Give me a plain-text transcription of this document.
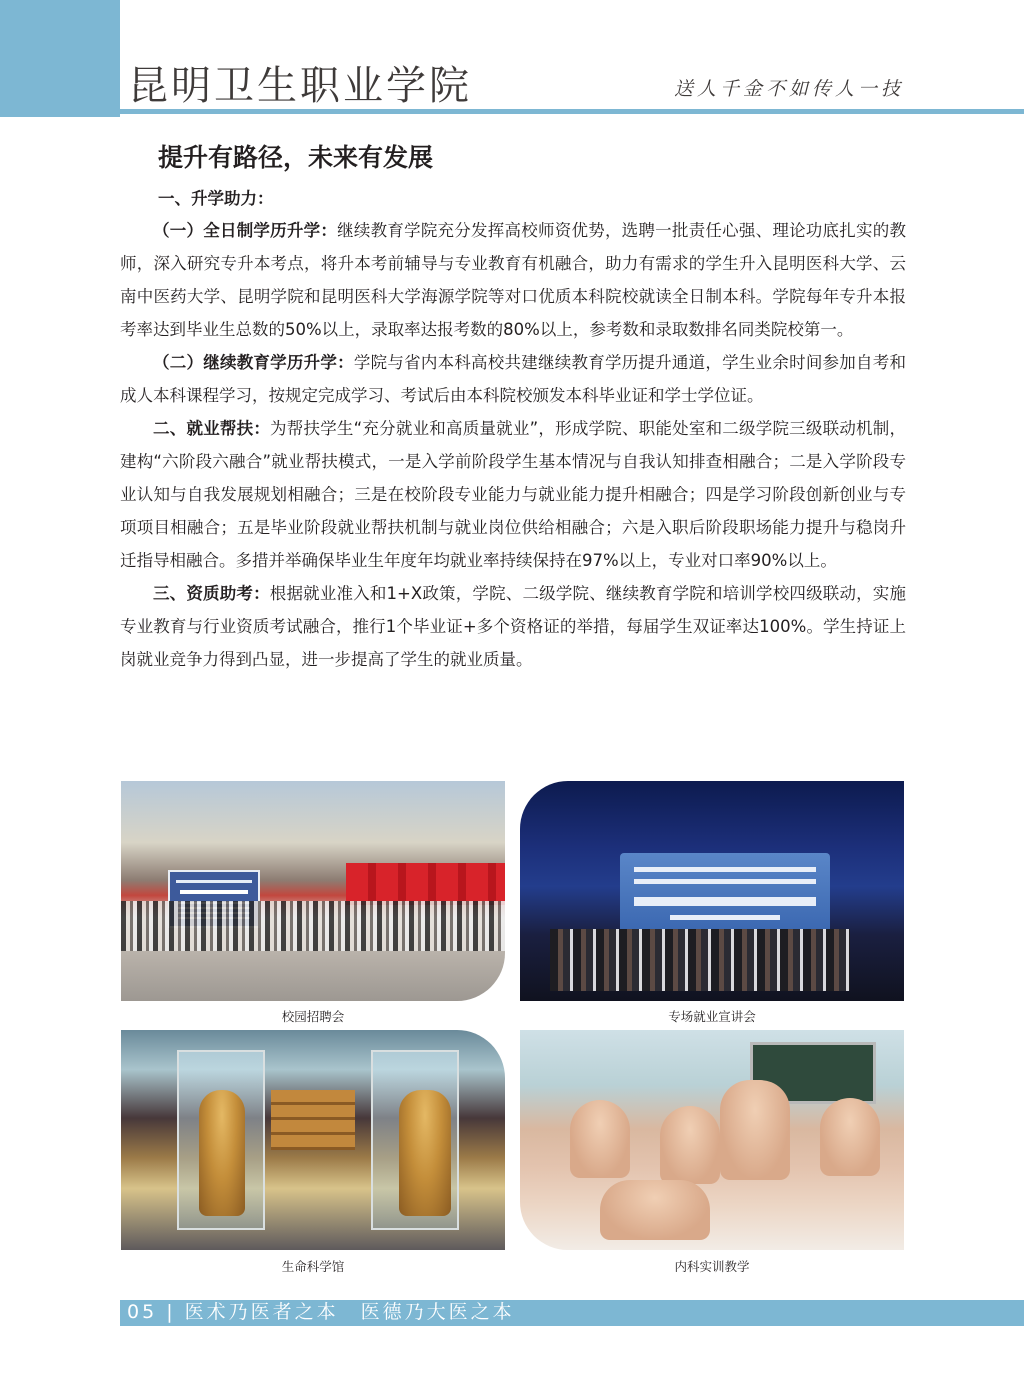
昆明卫生职业学院	送人千金不如传人一技
提升有路径，未来有发展

一、升学助力：

（一）全日制学历升学：继续教育学院充分发挥高校师资优势，选聘一批责任心强、理论功底扎实的教师，深入研究专升本考点，将升本考前辅导与专业教育有机融合，助力有需求的学生升入昆明医科大学、云南中医药大学、昆明学院和昆明医科大学海源学院等对口优质本科院校就读全日制本科。学院每年专升本报考率达到毕业生总数的50%以上，录取率达报考数的80%以上，参考数和录取数排名同类院校第一。

（二）继续教育学历升学：学院与省内本科高校共建继续教育学历提升通道，学生业余时间参加自考和成人本科课程学习，按规定完成学习、考试后由本科院校颁发本科毕业证和学士学位证。

二、就业帮扶：为帮扶学生“充分就业和高质量就业”，形成学院、职能处室和二级学院三级联动机制，建构“六阶段六融合”就业帮扶模式，一是入学前阶段学生基本情况与自我认知排查相融合；二是入学阶段专业认知与自我发展规划相融合；三是在校阶段专业能力与就业能力提升相融合；四是学习阶段创新创业与专项项目相融合；五是毕业阶段就业帮扶机制与就业岗位供给相融合；六是入职后阶段职场能力提升与稳岗升迁指导相融合。多措并举确保毕业生年度年均就业率持续保持在97%以上，专业对口率90%以上。

三、资质助考：根据就业准入和1+X政策，学院、二级学院、继续教育学院和培训学校四级联动，实施专业教育与行业资质考试融合，推行1个毕业证+多个资格证的举措，每届学生双证率达100%。学生持证上岗就业竞争力得到凸显，进一步提高了学生的就业质量。

校园招聘会	专场就业宣讲会
生命科学馆	内科实训教学
05 | 医术乃医者之本　医德乃大医之本
